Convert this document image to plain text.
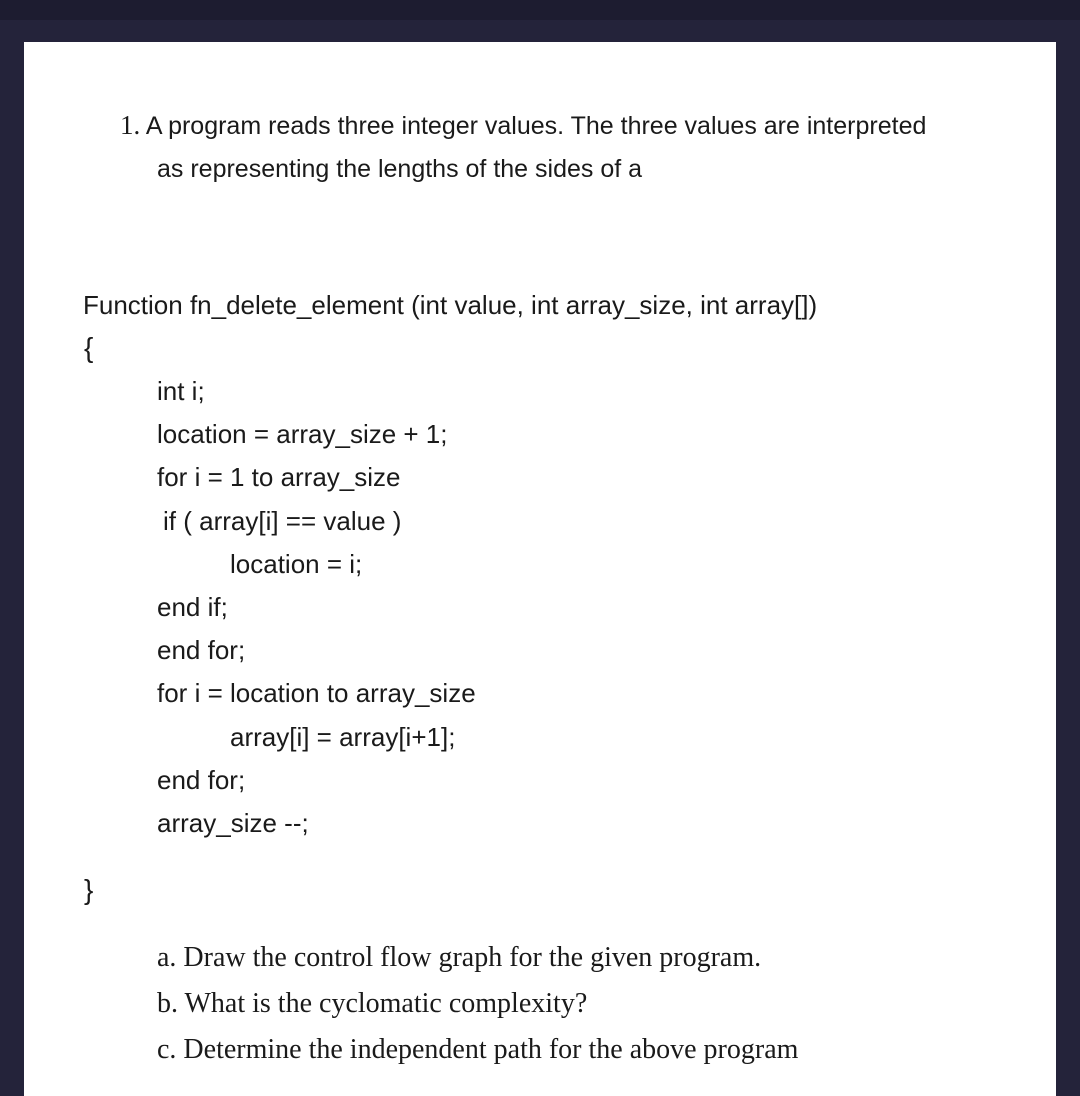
1. A program reads three integer values. The three values are interpreted
as representing the lengths of the sides of a
Function fn_delete_element (int value, int array_size, int array[])
{
int i;
location = array_size + 1;
for i = 1 to array_size
if ( array[i] == value )
location = i;
end if;
end for;
for i = location to array_size
array[i] = array[i+1];
end for;
array_size --;
}
a. Draw the control flow graph for the given program.
b. What is the cyclomatic complexity?
c. Determine the independent path for the above program
